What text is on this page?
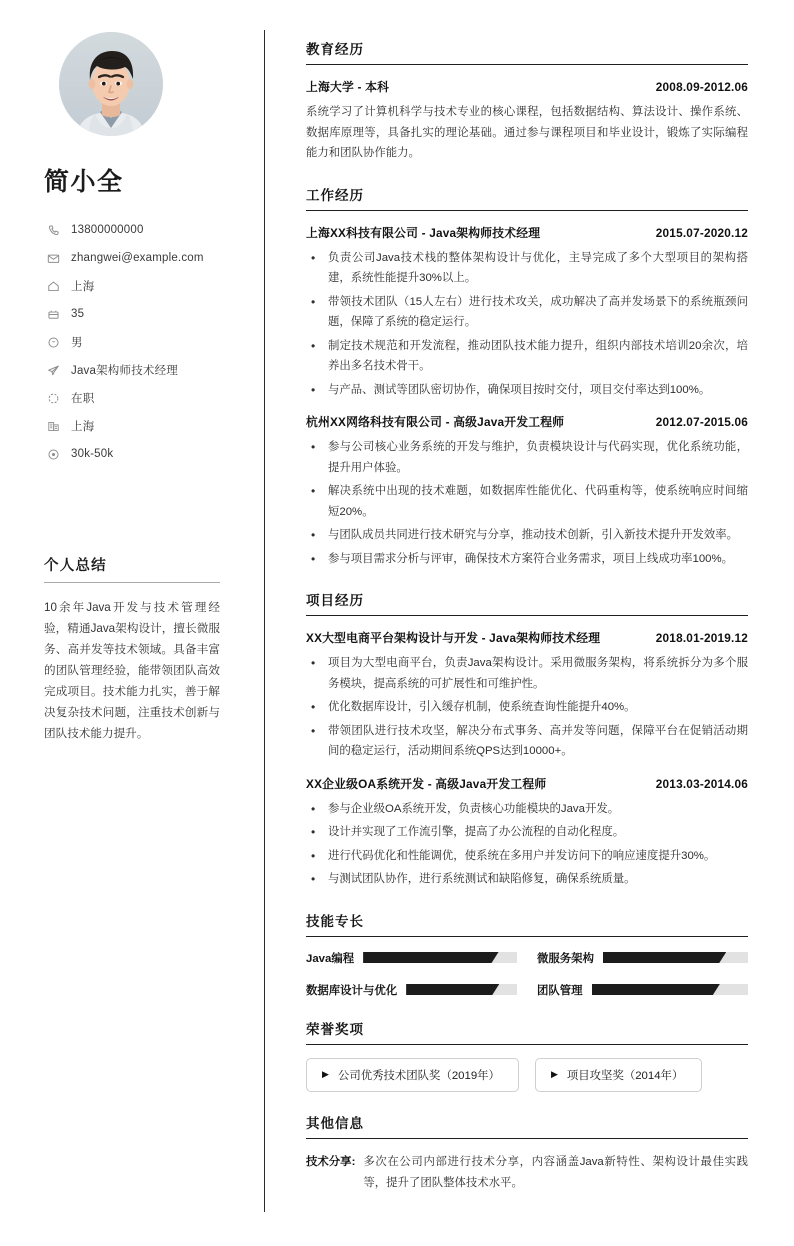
简小全
13800000000
zhangwei@example.com
上海
35
男
Java架构师技术经理
在职
上海
30k-50k
个人总结
10余年Java开发与技术管理经验，精通Java架构设计，擅长微服务、高并发等技术领域。具备丰富的团队管理经验，能带领团队高效完成项目。技术能力扎实，善于解决复杂技术问题，注重技术创新与团队技术能力提升。
教育经历
上海大学 - 本科	2008.09-2012.06
系统学习了计算机科学与技术专业的核心课程，包括数据结构、算法设计、操作系统、数据库原理等，具备扎实的理论基础。通过参与课程项目和毕业设计，锻炼了实际编程能力和团队协作能力。
工作经历
上海XX科技有限公司 - Java架构师技术经理	2015.07-2020.12
• 负责公司Java技术栈的整体架构设计与优化，主导完成了多个大型项目的架构搭建，系统性能提升30%以上。
• 带领技术团队（15人左右）进行技术攻关，成功解决了高并发场景下的系统瓶颈问题，保障了系统的稳定运行。
• 制定技术规范和开发流程，推动团队技术能力提升，组织内部技术培训20余次，培养出多名技术骨干。
• 与产品、测试等团队密切协作，确保项目按时交付，项目交付率达到100%。
杭州XX网络科技有限公司 - 高级Java开发工程师	2012.07-2015.06
• 参与公司核心业务系统的开发与维护，负责模块设计与代码实现，优化系统功能，提升用户体验。
• 解决系统中出现的技术难题，如数据库性能优化、代码重构等，使系统响应时间缩短20%。
• 与团队成员共同进行技术研究与分享，推动技术创新，引入新技术提升开发效率。
• 参与项目需求分析与评审，确保技术方案符合业务需求，项目上线成功率100%。
项目经历
XX大型电商平台架构设计与开发 - Java架构师技术经理	2018.01-2019.12
• 项目为大型电商平台，负责Java架构设计。采用微服务架构，将系统拆分为多个服务模块，提高系统的可扩展性和可维护性。
• 优化数据库设计，引入缓存机制，使系统查询性能提升40%。
• 带领团队进行技术攻坚，解决分布式事务、高并发等问题，保障平台在促销活动期间的稳定运行，活动期间系统QPS达到10000+。
XX企业级OA系统开发 - 高级Java开发工程师	2013.03-2014.06
• 参与企业级OA系统开发，负责核心功能模块的Java开发。
• 设计并实现了工作流引擎，提高了办公流程的自动化程度。
• 进行代码优化和性能调优，使系统在多用户并发访问下的响应速度提升30%。
• 与测试团队协作，进行系统测试和缺陷修复，确保系统质量。
技能专长
Java编程	微服务架构
数据库设计与优化	团队管理
荣誉奖项
▶ 公司优秀技术团队奖（2019年）	▶ 项目攻坚奖（2014年）
其他信息
技术分享: 多次在公司内部进行技术分享，内容涵盖Java新特性、架构设计最佳实践等，提升了团队整体技术水平。
